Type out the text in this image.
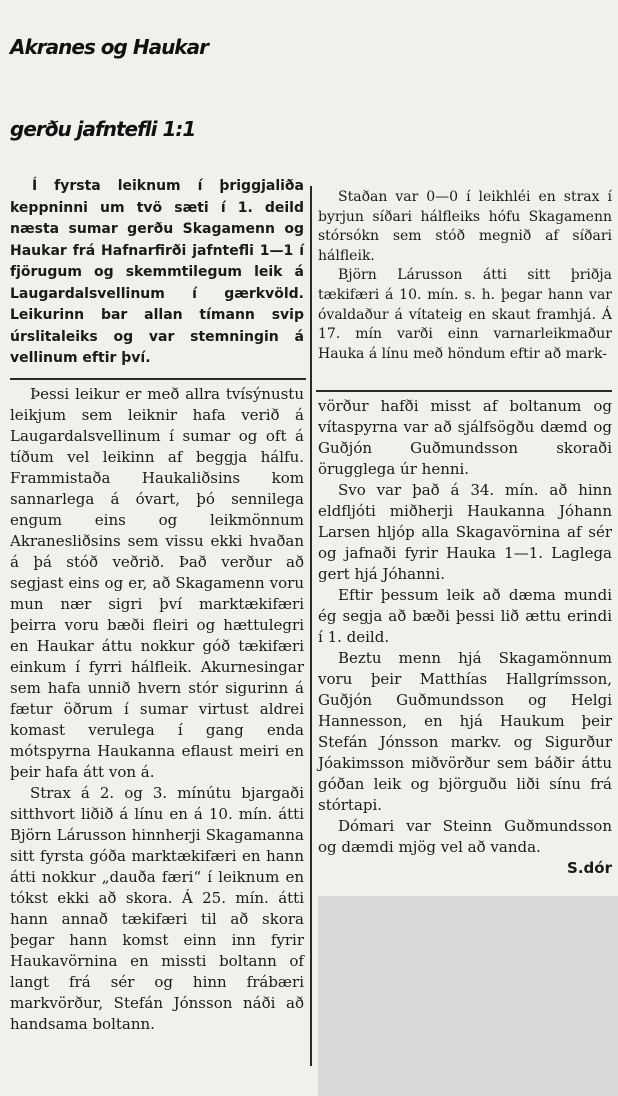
Akranes og Haukar
gerðu jafntefli 1:1

Í fyrsta leiknum í þriggjaliða keppninni um tvö sæti í 1. deild næsta sumar gerðu Skagamenn og Haukar frá Hafnarfirði jafntefli 1—1 í fjörugum og skemmtilegum leik á Laugardalsvellinum í gærkvöld. Leikurinn bar allan tímann svip úrslitaleiks og var stemningin á vellinum eftir því.

Þessi leikur er með allra tvísýnustu leikjum sem leiknir hafa verið á Laugardalsvellinum í sumar og oft á tíðum vel leikinn af beggja hálfu. Frammistaða Haukaliðsins kom sannarlega á óvart, þó sennilega engum eins og leikmönnum Akranesliðsins sem vissu ekki hvaðan á þá stóð veðrið. Það verður að segjast eins og er, að Skagamenn voru mun nær sigri því marktækifæri þeirra voru bæði fleiri og hættulegri en Haukar áttu nokkur góð tækifæri einkum í fyrri hálfleik. Akurnesingar sem hafa unnið hvern stór sigurinn á fætur öðrum í sumar virtust aldrei komast verulega í gang enda mótspyrna Haukanna eflaust meiri en þeir hafa átt von á.

Strax á 2. og 3. mínútu bjargaði sitthvort liðið á línu en á 10. mín. átti Björn Lárusson hinnherji Skagamanna sitt fyrsta góða marktækifæri en hann átti nokkur „dauða færi“ í leiknum en tókst ekki að skora. Á 25. mín. átti hann annað tækifæri til að skora þegar hann komst einn inn fyrir Haukavörnina en missti boltann of langt frá sér og hinn frábæri markvörður, Stefán Jónsson náði að handsama boltann.

Staðan var 0—0 í leikhléi en strax í byrjun síðari hálfleiks hófu Skagamenn stórsókn sem stóð megnið af síðari hálfleik.

Björn Lárusson átti sitt þriðja tækifæri á 10. mín. s. h. þegar hann var óvaldaður á vítateig en skaut framhjá. Á 17. mín varði einn varnarleikmaður Hauka á línu með höndum eftir að mark-

vörður hafði misst af boltanum og vítaspyrna var að sjálfsögðu dæmd og Guðjón Guðmundsson skoraði örugglega úr henni.

Svo var það á 34. mín. að hinn eldfljóti miðherji Haukanna Jóhann Larsen hljóp alla Skagavörnina af sér og jafnaði fyrir Hauka 1—1. Laglega gert hjá Jóhanni.

Eftir þessum leik að dæma mundi ég segja að bæði þessi lið ættu erindi í 1. deild.

Beztu menn hjá Skagamönnum voru þeir Matthías Hallgrímsson, Guðjón Guðmundsson og Helgi Hannesson, en hjá Haukum þeir Stefán Jónsson markv. og Sigurður Jóakimsson miðvörður sem báðir áttu góðan leik og björguðu liði sínu frá stórtapi.

Dómari var Steinn Guðmundsson og dæmdi mjög vel að vanda.

S.dór
